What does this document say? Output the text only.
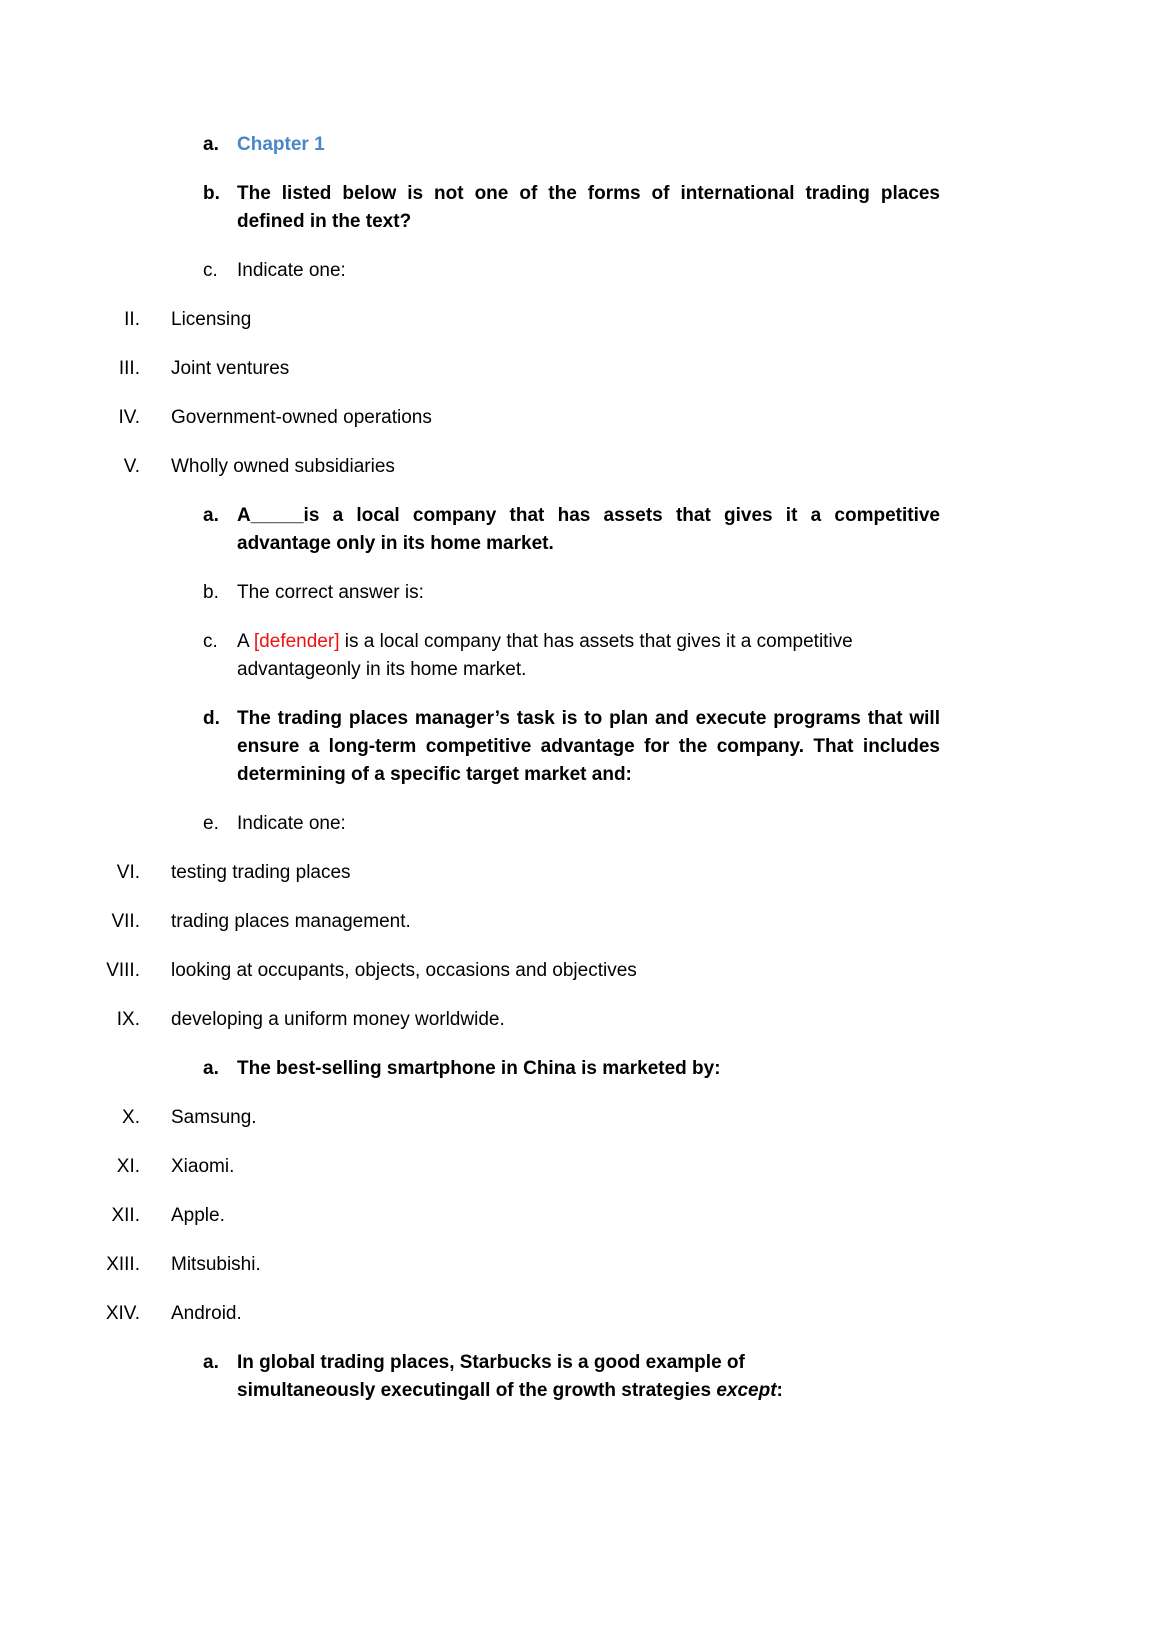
a. Chapter 1
b. The listed below is not one of the forms of international trading places defined in the text?
c.	Indicate one:
II. Licensing
III. Joint ventures
IV. Government-owned operations
V. Wholly owned subsidiaries
a. A_____is a local company that has assets that gives it a competitive advantage only in its home market.
b. The correct answer is:
c.	A [defender] is a local company that has assets that gives it a competitive advantageonly in its home market.
d. The trading places manager’s task is to plan and execute programs that will ensure a long-term competitive advantage for the company. That includes determining of a specific target market and:
e. Indicate one:
VI. testing trading places
VII. trading places management.
VIII. looking at occupants, objects, occasions and objectives
IX. developing a uniform money worldwide.
a. The best-selling smartphone in China is marketed by:
X. Samsung.
XI. Xiaomi.
XII. Apple.
XIII. Mitsubishi.
XIV. Android.
a. In global trading places, Starbucks is a good example of
simultaneously executingall of the growth strategies except:
